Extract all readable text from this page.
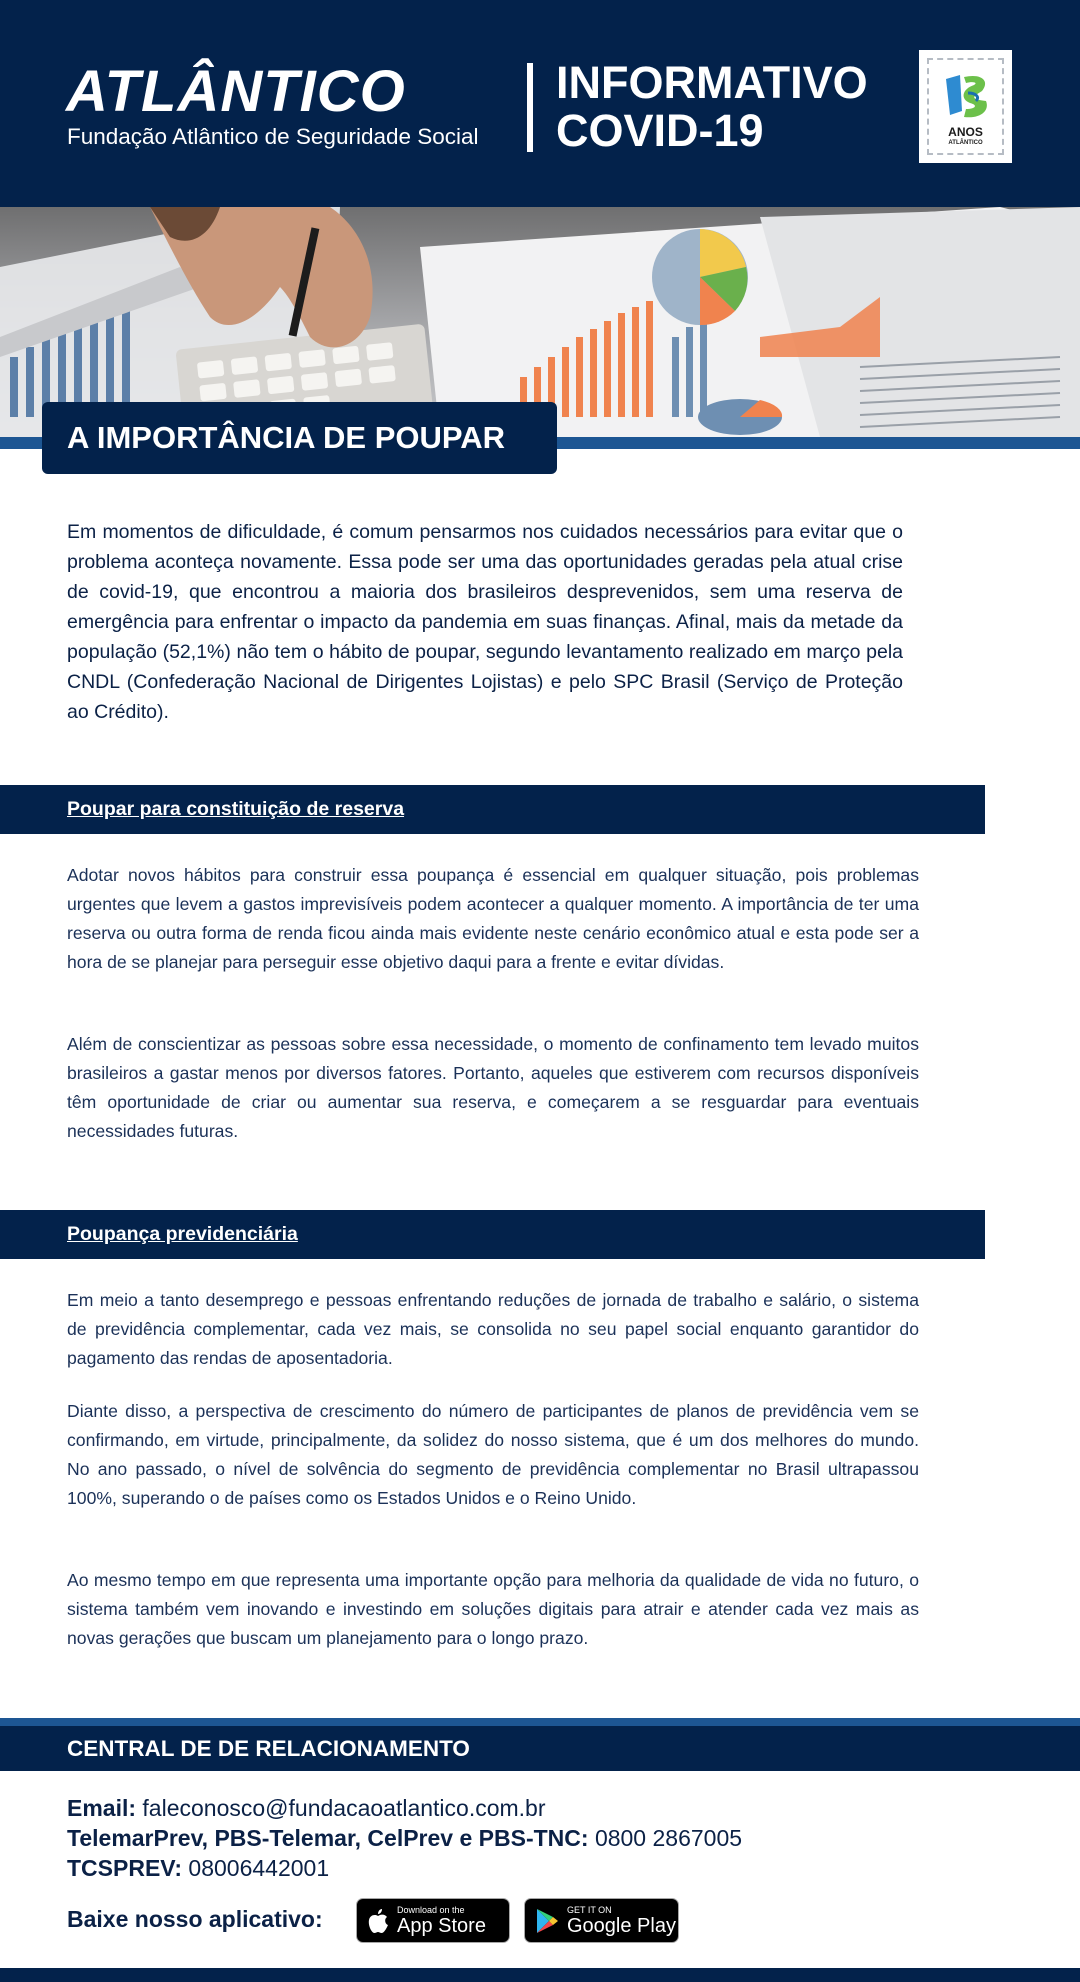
ATLÂNTICO
Fundação Atlântico de Seguridade Social
INFORMATIVO
COVID-19	ANOS
ATLÂNTICO
A IMPORTÂNCIA DE POUPAR

Em momentos de dificuldade, é comum pensarmos nos cuidados necessários para evitar que o problema aconteça novamente. Essa pode ser uma das oportunidades geradas pela atual crise de covid-19, que encontrou a maioria dos brasileiros desprevenidos, sem uma reserva de emergência para enfrentar o impacto da pandemia em suas finanças. Afinal, mais da metade da população (52,1%) não tem o hábito de poupar, segundo levantamento realizado em março pela CNDL (Confederação Nacional de Dirigentes Lojistas) e pelo SPC Brasil (Serviço de Proteção ao Crédito).

Poupar para constituição de reserva

Adotar novos hábitos para construir essa poupança é essencial em qualquer situação, pois problemas urgentes que levem a gastos imprevisíveis podem acontecer a qualquer momento. A importância de ter uma reserva ou outra forma de renda ficou ainda mais evidente neste cenário econômico atual e esta pode ser a hora de se planejar para perseguir esse objetivo daqui para a frente e evitar dívidas.

Além de conscientizar as pessoas sobre essa necessidade, o momento de confinamento tem levado muitos brasileiros a gastar menos por diversos fatores. Portanto, aqueles que estiverem com recursos disponíveis têm oportunidade de criar ou aumentar sua reserva, e começarem a se resguardar para eventuais necessidades futuras.

Poupança previdenciária

Em meio a tanto desemprego e pessoas enfrentando reduções de jornada de trabalho e salário, o sistema de previdência complementar, cada vez mais, se consolida no seu papel social enquanto garantidor do pagamento das rendas de aposentadoria.

Diante disso, a perspectiva de crescimento do número de participantes de planos de previdência vem se confirmando, em virtude, principalmente, da solidez do nosso sistema, que é um dos melhores do mundo. No ano passado, o nível de solvência do segmento de previdência complementar no Brasil ultrapassou 100%, superando o de países como os Estados Unidos e o Reino Unido.

Ao mesmo tempo em que representa uma importante opção para melhoria da qualidade de vida no futuro, o sistema também vem inovando e investindo em soluções digitais para atrair e atender cada vez mais as novas gerações que buscam um planejamento para o longo prazo.

CENTRAL DE DE RELACIONAMENTO
Email: faleconosco@fundacaoatlantico.com.br
TelemarPrev, PBS-Telemar, CelPrev e PBS-TNC: 0800 2867005
TCSPREV: 08006442001
Baixe nosso aplicativo:	Download on the
App Store
GET IT ON
Google Play
